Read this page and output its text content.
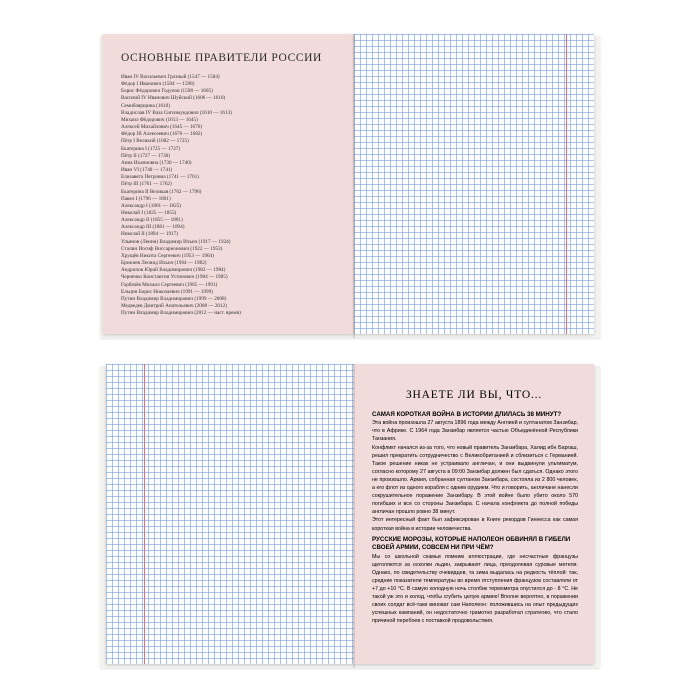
ОСНОВНЫЕ ПРАВИТЕЛИ РОССИИ
Иван IV Васильевич Грозный (1547 — 1584)
Фёдор I Иванович (1584 — 1598)
Борис Фёдорович Годунов (1598 — 1605)
Василий IV Иванович Шуйский (1606 — 1610)
Семибоярщина (1610)
Владислав IV Ваза Сигизмундович (1610 — 1613)
Михаил Фёдорович (1613 — 1645)
Алексей Михайлович (1645 — 1676)
Фёдор III Алексеевич (1676 — 1682)
Пётр I Великий (1682 — 1725)
Екатерина I (1725 — 1727)
Пётр II (1727 — 1730)
Анна Иоанновна (1730 — 1740)
Иван VI (1740 — 1741)
Елизавета Петровна (1741 — 1761)
Пётр III (1761 — 1762)
Екатерина II Великая (1762 — 1796)
Павел I (1796 — 1801)
Александр I (1801 — 1825)
Николай I (1825 — 1855)
Александр II (1855 — 1881)
Александр III (1881 — 1894)
Николай II (1894 — 1917)
Ульянов (Ленин) Владимир Ильич (1917 — 1924)
Сталин Иосиф Виссарионович (1922 — 1953)
Хрущёв Никита Сергеевич (1953 — 1964)
Брежнев Леонид Ильич (1964 — 1982)
Андропов Юрий Владимирович (1982 — 1984)
Черненко Константин Устинович (1984 — 1985)
Горбачёв Михаил Сергеевич (1985 — 1991)
Ельцин Борис Николаевич (1991 — 1999)
Путин Владимир Владимирович (1999 — 2008)
Медведев Дмитрий Анатольевич (2008 — 2012)
Путин Владимир Владимирович (2012 — наст. время)
ЗНАЕТЕ ЛИ ВЫ, ЧТО...

САМАЯ КОРОТКАЯ ВОЙНА В ИСТОРИИ ДЛИЛАСЬ 38 МИНУТ?

Эта война произошла 27 августа 1896 года между Англией и султанатом Занзибар, что в Африке. С 1964 года Занзибар является частью Объединённой Республики Танзания.

Конфликт начался из-за того, что новый правитель Занзибара, Халид ибн Баргаш, решил прекратить сотрудничество с Великобританией и сблизиться с Германией. Такое решение никак не устраивало англичан, и они выдвинули ультиматум, согласно которому 27 августа в 09:00 Занзибар должен был сдаться. Однако этого не произошло. Армия, собранная султаном Занзибара, состояла из 2 800 человек, а его флот из одного корабля с одним орудием. Что и говорить, англичане нанесли сокрушительное поражение Занзибару. В этой войне было убито около 570 погибших и все со стороны Занзибара. С начала конфликта до полной победы англичан прошло ровно 38 минут.

Этот интересный факт был зафиксирован в Книге рекордов Гиннесса как самая короткая война в истории человечества.

РУССКИЕ МОРОЗЫ, КОТОРЫЕ НАПОЛЕОН ОБВИНЯЛ В ГИБЕЛИ СВОЕЙ АРМИИ, СОВСЕМ НИ ПРИ ЧЁМ?

Мы со школьной скамьи помним иллюстрации, где несчастные французы щеголяются за осколки льдин, закрывают лица, преодолевая суровые метели. Однако, по свидетельству очевидцев, та зима выдалась на редкость тёплой: так, средние показатели температуры во время отступления французов составляли от +7 до +10 °С. В самую холодную ночь столбик термометра опустился до - 8 °С. Не такой уж это и холод, чтобы сгубить целую армию! Вполне вероятно, в поражении своих солдат всё-таки виноват сам Наполеон: положившись на опыт предыдущих успешных кампаний, он недостаточно грамотно разработал стратегию, что стало причиной перебоев с поставкой продовольствия.
